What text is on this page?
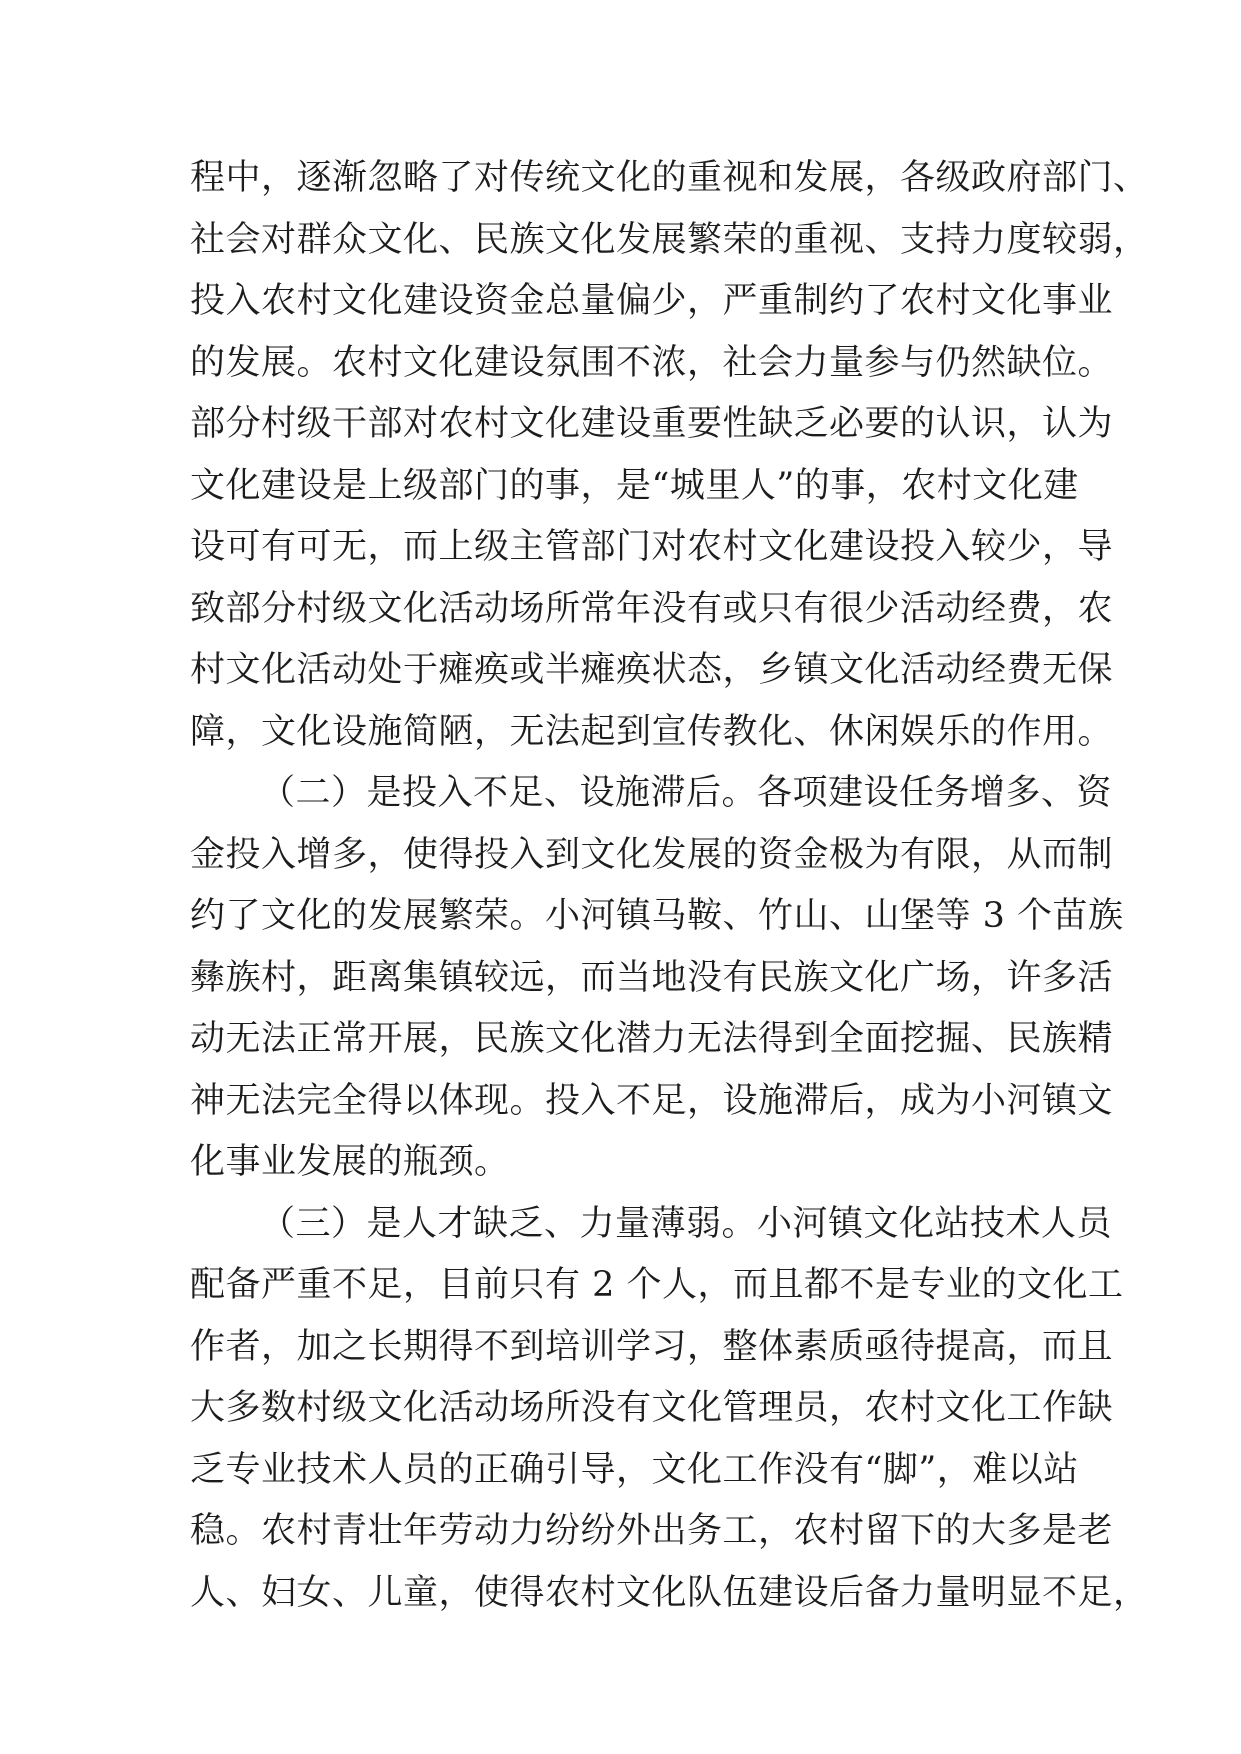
程中，逐渐忽略了对传统文化的重视和发展，各级政府部门、
社会对群众文化、民族文化发展繁荣的重视、支持力度较弱，
投入农村文化建设资金总量偏少，严重制约了农村文化事业
的发展。农村文化建设氛围不浓，社会力量参与仍然缺位。
部分村级干部对农村文化建设重要性缺乏必要的认识，认为
文化建设是上级部门的事，是“城里人”的事，农村文化建
设可有可无，而上级主管部门对农村文化建设投入较少，导
致部分村级文化活动场所常年没有或只有很少活动经费，农
村文化活动处于瘫痪或半瘫痪状态，乡镇文化活动经费无保
障，文化设施简陋，无法起到宣传教化、休闲娱乐的作用。
（二）是投入不足、设施滞后。各项建设任务增多、资
金投入增多，使得投入到文化发展的资金极为有限，从而制
约了文化的发展繁荣。小河镇马鞍、竹山、山堡等 3 个苗族
彝族村，距离集镇较远，而当地没有民族文化广场，许多活
动无法正常开展，民族文化潜力无法得到全面挖掘、民族精
神无法完全得以体现。投入不足，设施滞后，成为小河镇文
化事业发展的瓶颈。
（三）是人才缺乏、力量薄弱。小河镇文化站技术人员
配备严重不足，目前只有 2 个人，而且都不是专业的文化工
作者，加之长期得不到培训学习，整体素质亟待提高，而且
大多数村级文化活动场所没有文化管理员，农村文化工作缺
乏专业技术人员的正确引导，文化工作没有“脚”，难以站
稳。农村青壮年劳动力纷纷外出务工，农村留下的大多是老
人、妇女、儿童，使得农村文化队伍建设后备力量明显不足，
